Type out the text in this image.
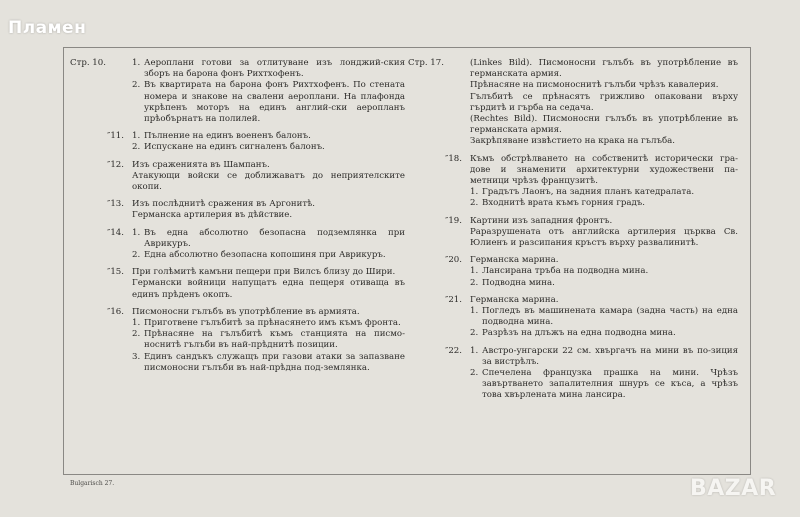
Стр. 10.	1. Аероплани готови за отлитуване изъ лонджий-ския зборъ на барона фонъ Рихтхофенъ.
2. Въ квартирата на барона фонъ Рихтхофенъ. По стената номера и знакове на свалени аероплани. На плафонда укрѣпенъ моторъ на единъ англий-ски аеропланъ прѣобърнатъ на полилей.
″ 11. 1. Пълнение на единъ воененъ балонъ.
2. Испускане на единъ сигналенъ балонъ.
″ 12. Изъ сраженията въ Шампанъ.
Атакующи войски се доближаватъ до неприятелските окопи.
″ 13. Изъ послѣднитѣ сражения въ Аргонитѣ.
Германска артилерия въ дѣйствие.
″ 14. 1. Въ една абсолютно безопасна подземлянка при Аврикуръ.
2. Една абсолютно безопасна копошиня при Аврикуръ.
″ 15. При голѣмитѣ камъни пещери при Вилсъ близу до Шири.
Германски войници напущатъ една пещеря отиваща въ единъ прѣденъ окопъ.
″ 16. Писмоносни гълъбъ въ употрѣбление въ армията.
1. Приготвене гълъбитѣ за прѣнасянето имъ къмъ фронта.
2. Прѣнасяне на гълъбитѣ къмъ станцията на писмо-носнитѣ гълъби въ най-прѣднитѣ позиции.
3. Единъ сандъкъ служащъ при газови атаки за запазване писмоносни гълъби въ най-прѣдна под-землянка.
Стр. 17.	(Linkes Bild). Писмоносни гълъбъ въ употрѣбление въ германската армия.
Прѣнасяне на писмоноснитѣ гълъби чрѣзъ кавалерия.
Гълъбитѣ се прѣнасятъ грижливо опаковани върху гърдитѣ и гърба на седача.
(Rechtes Bild). Писмоносни гълъбъ въ употрѣбление въ германската армия.
Закрѣпяване извѣстието на крака на гълъба.
″ 18. Къмъ обстрѣлването на собственитѣ исторически гра-дове и знаменити архитектурни художествени па-метници чрѣзъ французитѣ.
1. Градътъ Лаонъ, на задния планъ катедралата.
2. Входнитѣ врата къмъ горния градъ.
″ 19. Картини изъ западния фронтъ.
Раразрушената отъ английска артилерия църква Св. Юлиенъ и разсипания кръстъ върху развалинитѣ.
″ 20. Германска марина.
1. Лансирана тръба на подводна мина.
2. Подводна мина.
″ 21. Германска марина.
1. Погледъ въ машинената камара (задна часть) на една подводна мина.
2. Разрѣзъ на длъжъ на една подводна мина.
″ 22. 1. Австро-унгарски 22 см. хвъргачъ на мини въ по-зиция за вистрѣлъ.
2. Спечелена французка прашка на мини. Чрѣзъ завъртването запалителния шнуръ се къса, а чрѣзъ това хвърлената мина лансира.
Bulgarisch 27.
Пламен
BAZAR
